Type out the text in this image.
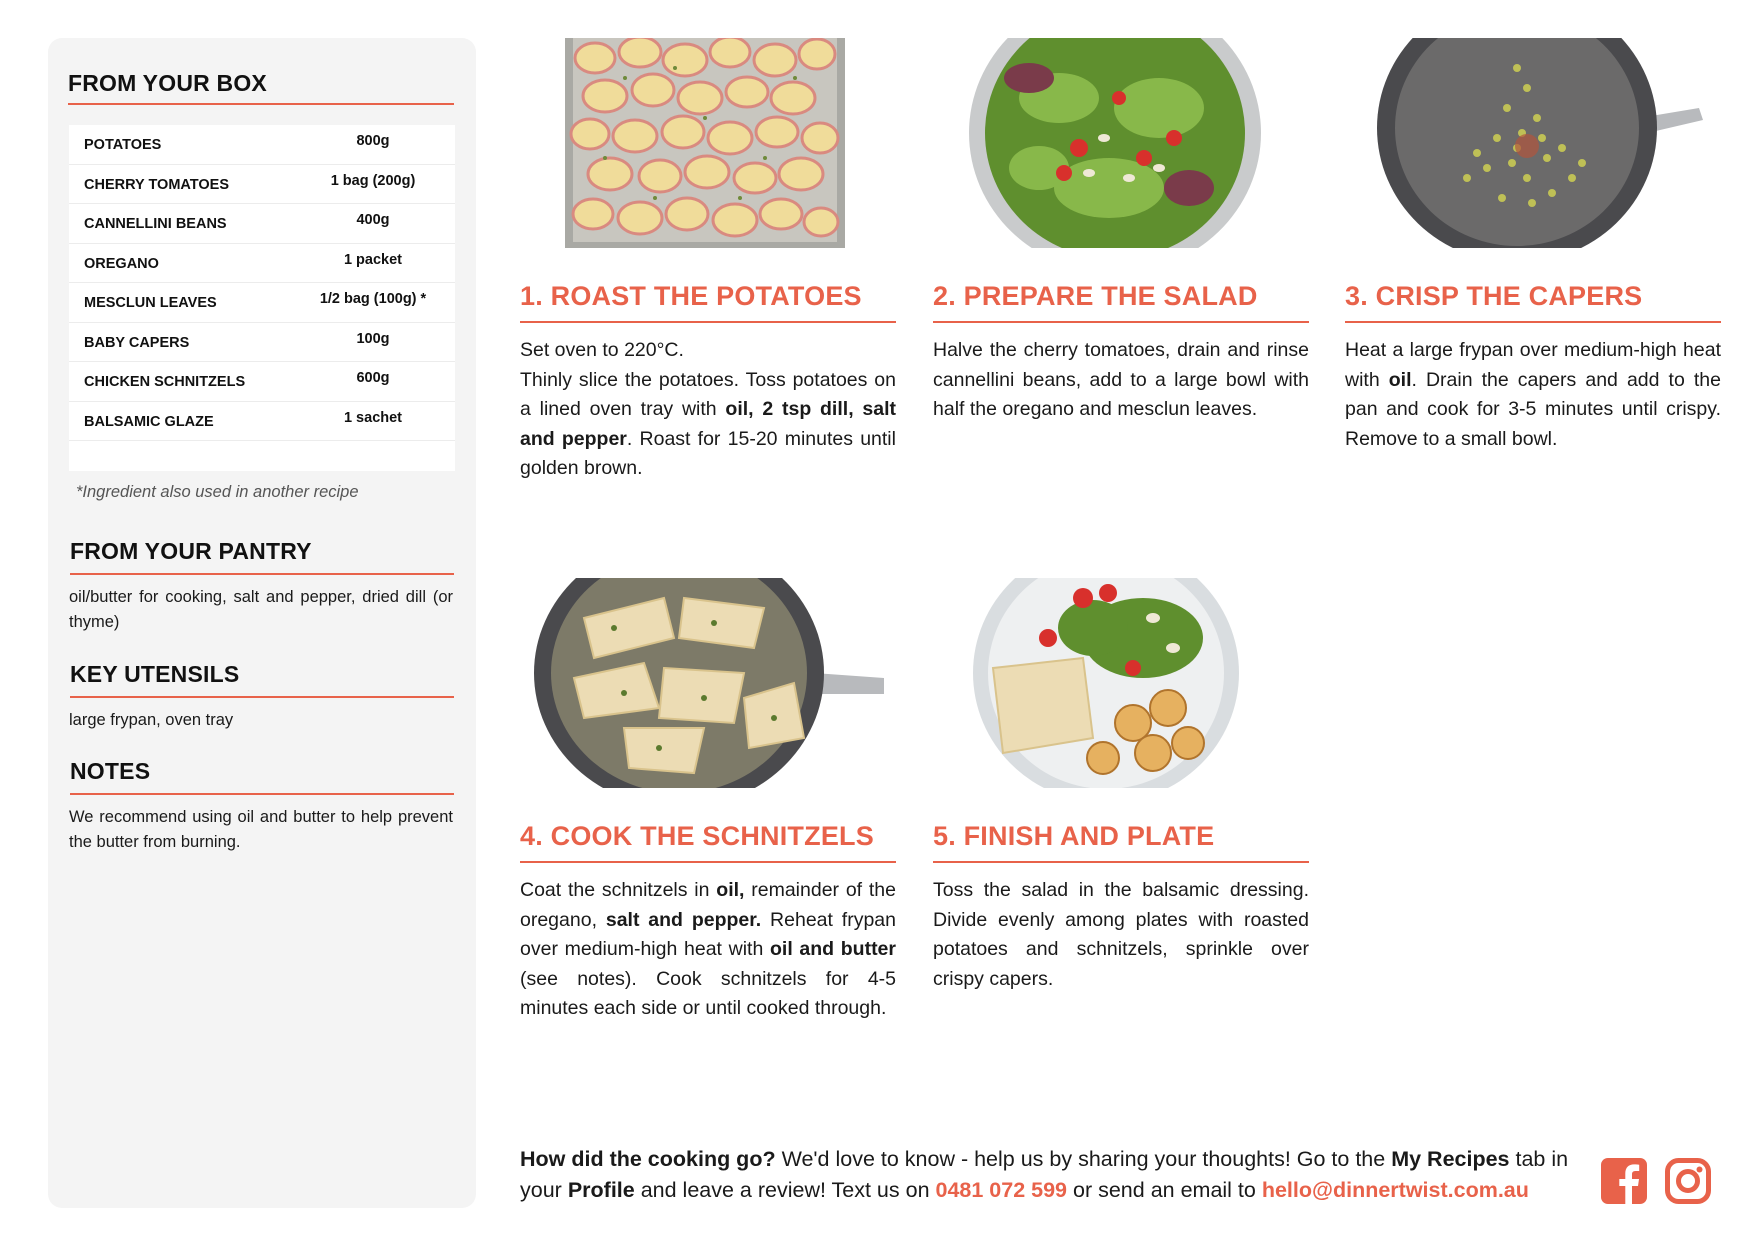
FROM YOUR BOX
POTATOES	800g
CHERRY TOMATOES	1 bag (200g)
CANNELLINI BEANS	400g
OREGANO	1 packet
MESCLUN LEAVES	1/2 bag (100g) *
BABY CAPERS	100g
CHICKEN SCHNITZELS	600g
BALSAMIC GLAZE	1 sachet
*Ingredient also used in another recipe
FROM YOUR PANTRY

oil/butter for cooking, salt and pepper, dried dill (or thyme)

KEY UTENSILS

large frypan, oven tray

NOTES

We recommend using oil and butter to help prevent the butter from burning.

1. ROAST THE POTATOES

Set oven to 220°C.
Thinly slice the potatoes. Toss potatoes on a lined oven tray with oil, 2 tsp dill, salt and pepper. Roast for 15-20 minutes until golden brown.

2. PREPARE THE SALAD

Halve the cherry tomatoes, drain and rinse cannellini beans, add to a large bowl with half the oregano and mesclun leaves.

3. CRISP THE CAPERS

Heat a large frypan over medium-high heat with oil. Drain the capers and add to the pan and cook for 3-5 minutes until crispy. Remove to a small bowl.

4. COOK THE SCHNITZELS

Coat the schnitzels in oil, remainder of the oregano, salt and pepper. Reheat frypan over medium-high heat with oil and butter (see notes). Cook schnitzels for 4-5 minutes each side or until cooked through.

5. FINISH AND PLATE

Toss the salad in the balsamic dressing. Divide evenly among plates with roasted potatoes and schnitzels, sprinkle over crispy capers.

How did the cooking go? We'd love to know - help us by sharing your thoughts! Go to the My Recipes tab in your Profile and leave a review! Text us on 0481 072 599 or send an email to hello@dinnertwist.com.au
